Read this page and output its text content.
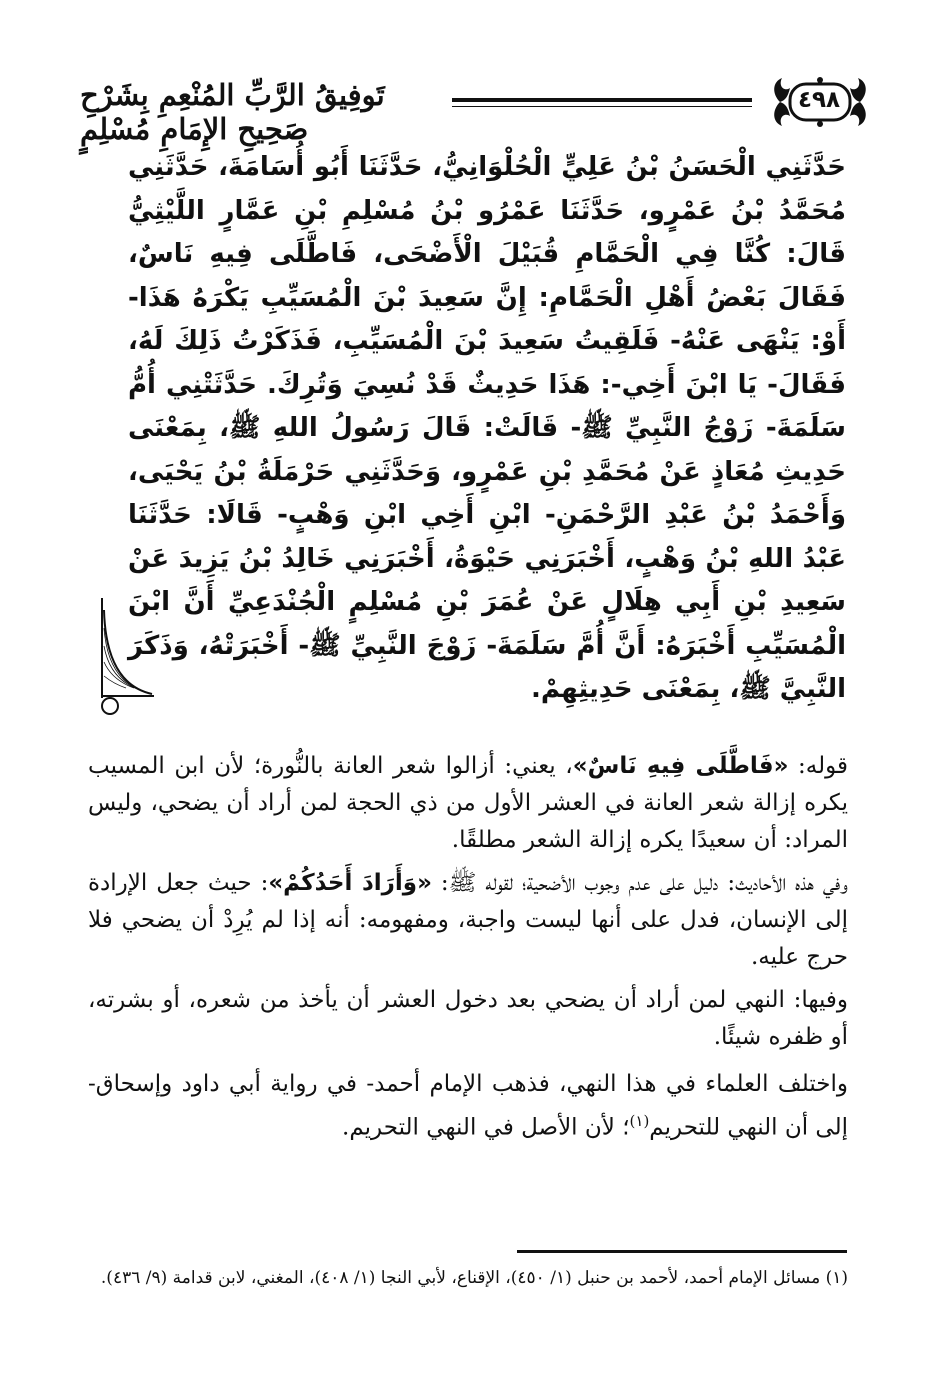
٤٩٨
تَوفِيقُ الرَّبِّ المُنْعِمِ بِشَرْحِ صَحِيحِ الإِمَامِ مُسْلِمٍ

حَدَّثَنِي الْحَسَنُ بْنُ عَلِيٍّ الْحُلْوَانِيُّ، حَدَّثَنَا أَبُو أُسَامَةَ، حَدَّثَنِي مُحَمَّدُ بْنُ عَمْرٍو، حَدَّثَنَا عَمْرُو بْنُ مُسْلِمِ بْنِ عَمَّارٍ اللَّيْثِيُّ قَالَ: كُنَّا فِي الْحَمَّامِ قُبَيْلَ الْأَضْحَى، فَاطَّلَى فِيهِ نَاسٌ، فَقَالَ بَعْضُ أَهْلِ الْحَمَّامِ: إِنَّ سَعِيدَ بْنَ الْمُسَيِّبِ يَكْرَهُ هَذَا- أَوْ: يَنْهَى عَنْهُ- فَلَقِيتُ سَعِيدَ بْنَ الْمُسَيِّبِ، فَذَكَرْتُ ذَلِكَ لَهُ، فَقَالَ- يَا ابْنَ أَخِي-: هَذَا حَدِيثٌ قَدْ نُسِيَ وَتُرِكَ. حَدَّثَتْنِي أُمُّ سَلَمَةَ- زَوْجُ النَّبِيِّ ﷺ- قَالَتْ: قَالَ رَسُولُ اللهِ ﷺ، بِمَعْنَى حَدِيثِ مُعَاذٍ عَنْ مُحَمَّدِ بْنِ عَمْرٍو، وَحَدَّثَنِي حَرْمَلَةُ بْنُ يَحْيَى، وَأَحْمَدُ بْنُ عَبْدِ الرَّحْمَنِ- ابْنِ أَخِي ابْنِ وَهْبٍ- قَالَا: حَدَّثَنَا عَبْدُ اللهِ بْنُ وَهْبٍ، أَخْبَرَنِي حَيْوَةُ، أَخْبَرَنِي خَالِدُ بْنُ يَزِيدَ عَنْ سَعِيدِ بْنِ أَبِي هِلَالٍ عَنْ عُمَرَ بْنِ مُسْلِمٍ الْجُنْدَعِيِّ أَنَّ ابْنَ الْمُسَيِّبِ أَخْبَرَهُ: أَنَّ أُمَّ سَلَمَةَ- زَوْجَ النَّبِيِّ ﷺ- أَخْبَرَتْهُ، وَذَكَرَ النَّبِيَّ ﷺ، بِمَعْنَى حَدِيثِهِمْ.

قوله: «فَاطَّلَى فِيهِ نَاسٌ»، يعني: أزالوا شعر العانة بالنُّورة؛ لأن ابن المسيب يكره إزالة شعر العانة في العشر الأول من ذي الحجة لمن أراد أن يضحي، وليس المراد: أن سعيدًا يكره إزالة الشعر مطلقًا.

وفي هذه الأحاديث: دليل على عدم وجوب الأضحية؛ لقوله ﷺ: «وَأَرَادَ أَحَدُكُمْ»: حيث جعل الإرادة إلى الإنسان، فدل على أنها ليست واجبة، ومفهومه: أنه إذا لم يُرِدْ أن يضحي فلا حرج عليه.

وفيها: النهي لمن أراد أن يضحي بعد دخول العشر أن يأخذ من شعره، أو بشرته، أو ظفره شيئًا.

واختلف العلماء في هذا النهي، فذهب الإمام أحمد- في رواية أبي داود وإسحاق- إلى أن النهي للتحريم$^{(١)}$؛ لأن الأصل في النهي التحريم.

(١) مسائل الإمام أحمد، لأحمد بن حنبل (١/ ٤٥٠)، الإقناع، لأبي النجا (١/ ٤٠٨)، المغني، لابن قدامة (٩/ ٤٣٦).
